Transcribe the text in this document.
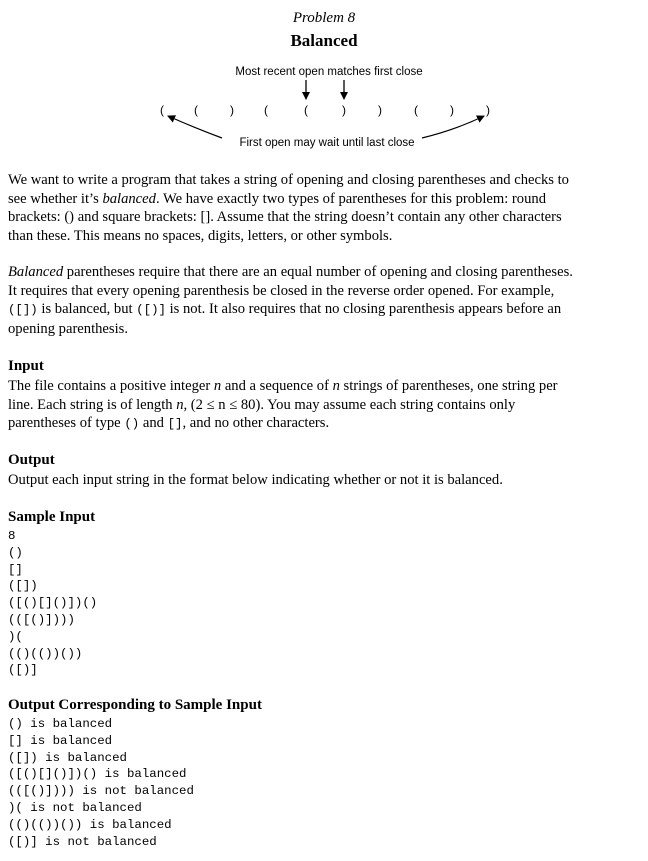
Problem 8
Balanced
Most recent open matches first close
(	(	)	(	(	)	)	(	)	)
First open may wait until last close
We want to write a program that takes a string of opening and closing parentheses and checks to
see whether it’s balanced. We have exactly two types of parentheses for this problem: round
brackets: () and square brackets: []. Assume that the string doesn’t contain any other characters
than these. This means no spaces, digits, letters, or other symbols.
Balanced parentheses require that there are an equal number of opening and closing parentheses.
It requires that every opening parenthesis be closed in the reverse order opened. For example,
([]) is balanced, but ([)] is not. It also requires that no closing parenthesis appears before an
opening parenthesis.
Input
The file contains a positive integer n and a sequence of n strings of parentheses, one string per
line. Each string is of length n, (2 ≤ n ≤ 80). You may assume each string contains only
parentheses of type () and [], and no other characters.
Output
Output each input string in the format below indicating whether or not it is balanced.
Sample Input
8
()
[]
([])
([()[]()])()
(([()])))
)(
(()(())())
([)]
Output Corresponding to Sample Input
() is balanced
[] is balanced
([]) is balanced
([()[]()])() is balanced
(([()]))) is not balanced
)( is not balanced
(()(())()) is balanced
([)] is not balanced
